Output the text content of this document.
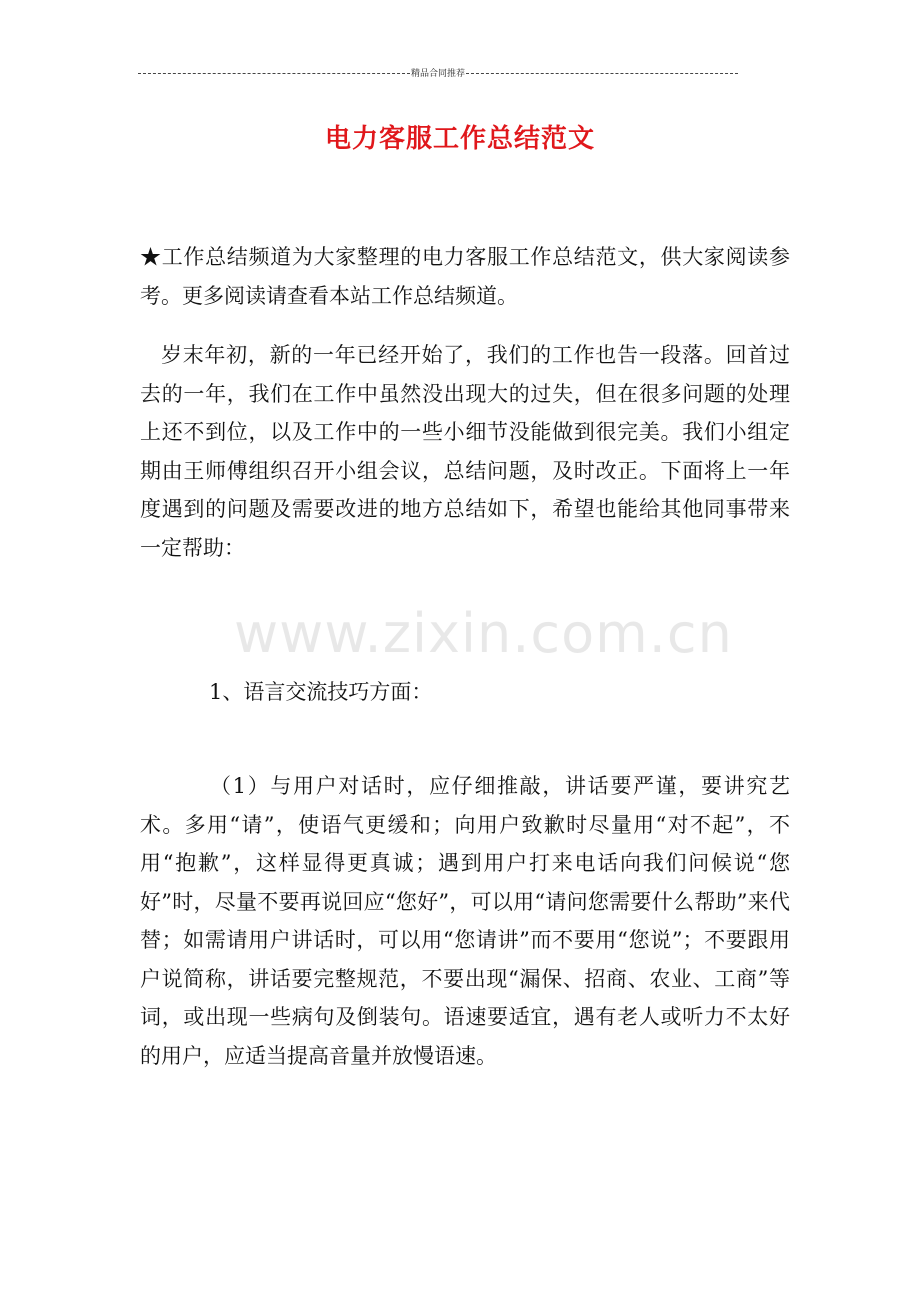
精品合同推荐
电力客服工作总结范文
★工作总结频道为大家整理的电力客服工作总结范文，供大家阅读参考。更多阅读请查看本站工作总结频道。
岁末年初，新的一年已经开始了，我们的工作也告一段落。回首过去的一年，我们在工作中虽然没出现大的过失，但在很多问题的处理上还不到位，以及工作中的一些小细节没能做到很完美。我们小组定期由王师傅组织召开小组会议，总结问题，及时改正。下面将上一年度遇到的问题及需要改进的地方总结如下，希望也能给其他同事带来一定帮助：
www.zixin.com.cn
1、语言交流技巧方面：
（1）与用户对话时，应仔细推敲，讲话要严谨，要讲究艺术。多用“请”，使语气更缓和；向用户致歉时尽量用“对不起”，不用“抱歉”，这样显得更真诚；遇到用户打来电话向我们问候说“您好”时，尽量不要再说回应“您好”，可以用“请问您需要什么帮助”来代替；如需请用户讲话时，可以用“您请讲”而不要用“您说”；不要跟用户说简称，讲话要完整规范，不要出现“漏保、招商、农业、工商”等词，或出现一些病句及倒装句。语速要适宜，遇有老人或听力不太好的用户，应适当提高音量并放慢语速。
